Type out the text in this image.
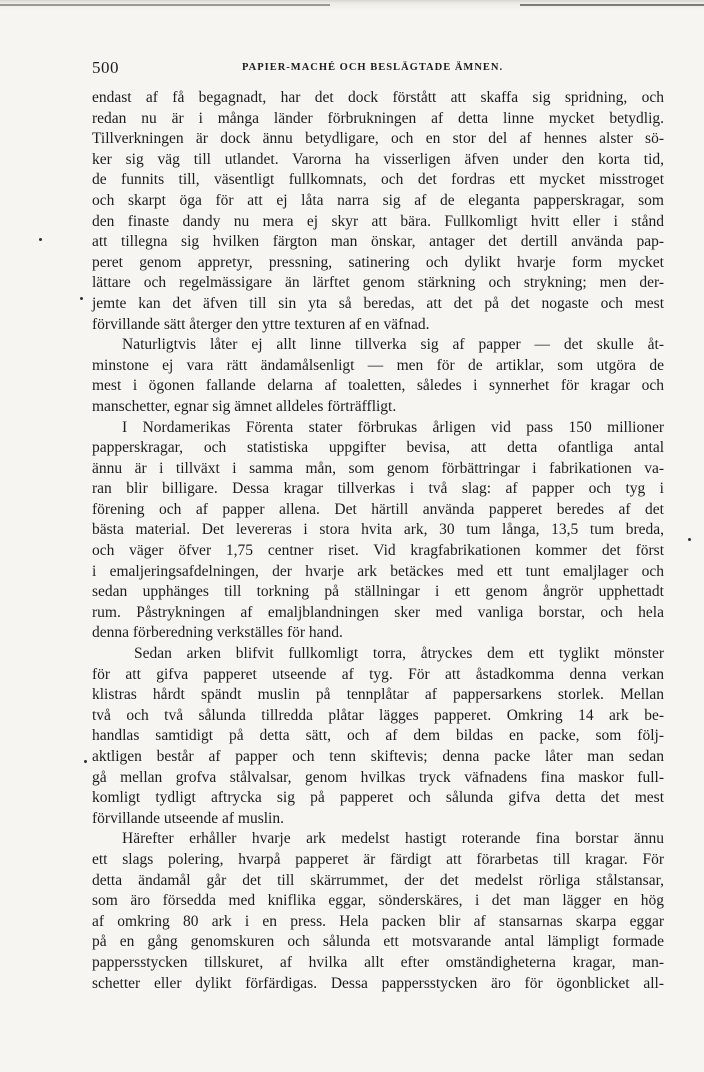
500	PAPIER-MACHÉ OCH BESLÄGTADE ÄMNEN.
endast af få begagnadt, har det dock förstått att skaffa sig spridning, och
redan nu är i många länder förbrukningen af detta linne mycket betydlig.
Tillverkningen är dock ännu betydligare, och en stor del af hennes alster sö-
ker sig väg till utlandet. Varorna ha visserligen äfven under den korta tid,
de funnits till, väsentligt fullkomnats, och det fordras ett mycket misstroget
och skarpt öga för att ej låta narra sig af de eleganta papperskragar, som
den finaste dandy nu mera ej skyr att bära. Fullkomligt hvitt eller i stånd
att tillegna sig hvilken färgton man önskar, antager det dertill använda pap-
peret genom appretyr, pressning, satinering och dylikt hvarje form mycket
lättare och regelmässigare än lärftet genom stärkning och strykning; men der-
jemte kan det äfven till sin yta så beredas, att det på det nogaste och mest
förvillande sätt återger den yttre texturen af en väfnad.
Naturligtvis låter ej allt linne tillverka sig af papper — det skulle åt-
minstone ej vara rätt ändamålsenligt — men för de artiklar, som utgöra de
mest i ögonen fallande delarna af toaletten, således i synnerhet för kragar och
manschetter, egnar sig ämnet alldeles förträffligt.
I Nordamerikas Förenta stater förbrukas årligen vid pass 150 millioner
papperskragar, och statistiska uppgifter bevisa, att detta ofantliga antal
ännu är i tillväxt i samma mån, som genom förbättringar i fabrikationen va-
ran blir billigare. Dessa kragar tillverkas i två slag: af papper och tyg i
förening och af papper allena. Det härtill använda papperet beredes af det
bästa material. Det levereras i stora hvita ark, 30 tum långa, 13,5 tum breda,
och väger öfver 1,75 centner riset. Vid kragfabrikationen kommer det först
i emaljeringsafdelningen, der hvarje ark betäckes med ett tunt emaljlager och
sedan upphänges till torkning på ställningar i ett genom ångrör upphettadt
rum. Påstrykningen af emaljblandningen sker med vanliga borstar, och hela
denna förberedning verkställes för hand.
Sedan arken blifvit fullkomligt torra, åtryckes dem ett tyglikt mönster
för att gifva papperet utseende af tyg. För att åstadkomma denna verkan
klistras hårdt spändt muslin på tennplåtar af pappersarkens storlek. Mellan
två och två sålunda tillredda plåtar lägges papperet. Omkring 14 ark be-
handlas samtidigt på detta sätt, och af dem bildas en packe, som följ-
aktligen består af papper och tenn skiftevis; denna packe låter man sedan
gå mellan grofva stålvalsar, genom hvilkas tryck väfnadens fina maskor full-
komligt tydligt aftrycka sig på papperet och sålunda gifva detta det mest
förvillande utseende af muslin.
Härefter erhåller hvarje ark medelst hastigt roterande fina borstar ännu
ett slags polering, hvarpå papperet är färdigt att förarbetas till kragar. För
detta ändamål går det till skärrummet, der det medelst rörliga stålstansar,
som äro försedda med kniflika eggar, sönderskäres, i det man lägger en hög
af omkring 80 ark i en press. Hela packen blir af stansarnas skarpa eggar
på en gång genomskuren och sålunda ett motsvarande antal lämpligt formade
pappersstycken tillskuret, af hvilka allt efter omständigheterna kragar, man-
schetter eller dylikt förfärdigas. Dessa pappersstycken äro för ögonblicket all-
